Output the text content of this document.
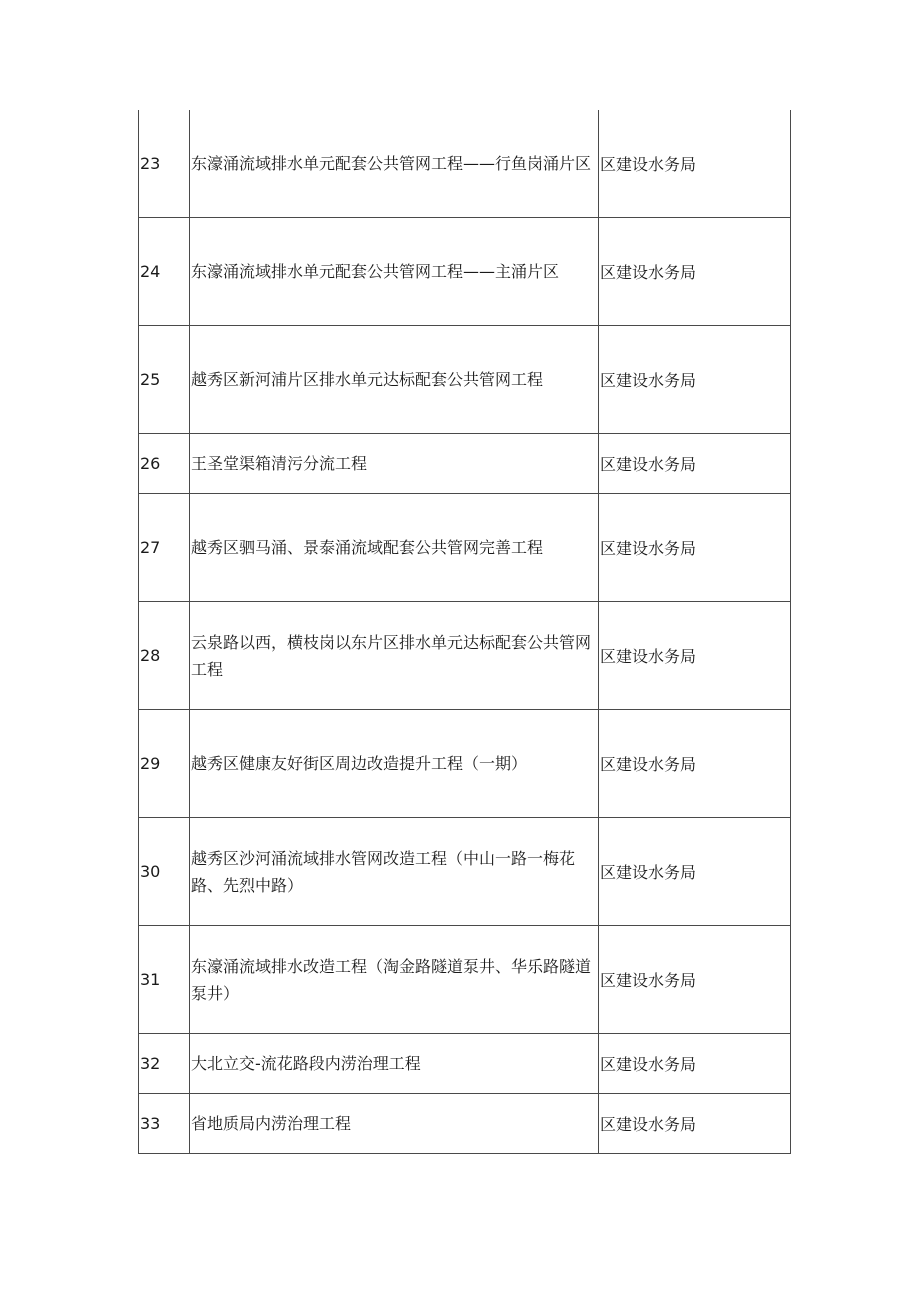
23	东濠涌流域排水单元配套公共管网工程——行鱼岗涌片区	区建设水务局
24	东濠涌流域排水单元配套公共管网工程——主涌片区	区建设水务局
25	越秀区新河浦片区排水单元达标配套公共管网工程	区建设水务局
26	王圣堂渠箱清污分流工程	区建设水务局
27	越秀区驷马涌、景泰涌流域配套公共管网完善工程	区建设水务局
28	云泉路以西，横枝岗以东片区排水单元达标配套公共管网工程	区建设水务局
29	越秀区健康友好街区周边改造提升工程（一期）	区建设水务局
30	越秀区沙河涌流域排水管网改造工程（中山一路一梅花路、先烈中路）	区建设水务局
31	东濠涌流域排水改造工程（淘金路隧道泵井、华乐路隧道泵井）	区建设水务局
32	大北立交-流花路段内涝治理工程	区建设水务局
33	省地质局内涝治理工程	区建设水务局
